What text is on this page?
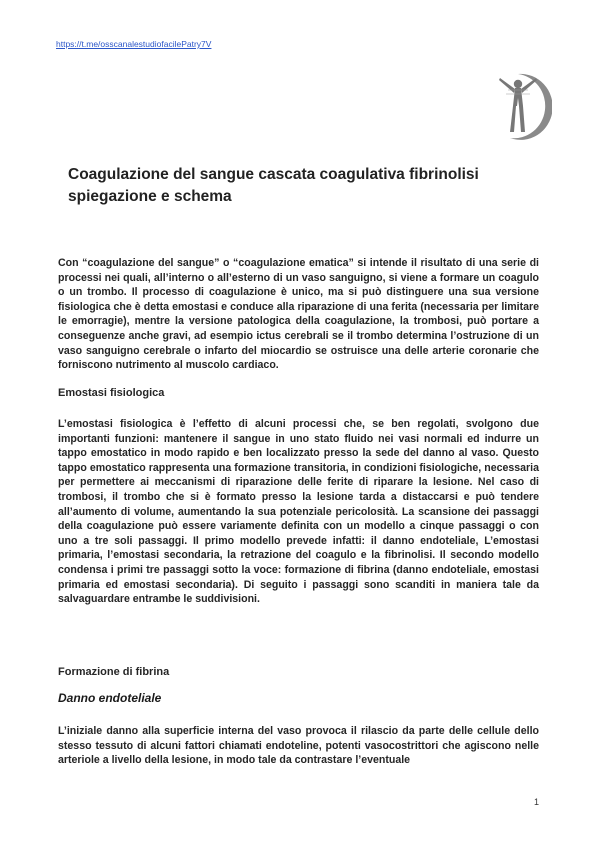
https://t.me/osscanalestudiofacilePatry7V
Coagulazione del sangue cascata coagulativa fibrinolisi spiegazione e schema

Con “coagulazione del sangue” o “coagulazione ematica” si intende il risultato di una serie di processi nei quali, all’interno o all’esterno di un vaso sanguigno, si viene a formare un coagulo o un trombo. Il processo di coagulazione è unico, ma si può distinguere una sua versione fisiologica che è detta emostasi e conduce alla riparazione di una ferita (necessaria per limitare le emorragie), mentre la versione patologica della coagulazione, la trombosi, può portare a conseguenze anche gravi, ad esempio ictus cerebrali se il trombo determina l’ostruzione di un vaso sanguigno cerebrale o infarto del miocardio se ostruisce una delle arterie coronarie che forniscono nutrimento al muscolo cardiaco.

Emostasi fisiologica

L’emostasi fisiologica è l’effetto di alcuni processi che, se ben regolati, svolgono due importanti funzioni: mantenere il sangue in uno stato fluido nei vasi normali ed indurre un tappo emostatico in modo rapido e ben localizzato presso la sede del danno al vaso. Questo tappo emostatico rappresenta una formazione transitoria, in condizioni fisiologiche, necessaria per permettere ai meccanismi di riparazione delle ferite di riparare la lesione. Nel caso di trombosi, il trombo che si è formato presso la lesione tarda a distaccarsi e può tendere all’aumento di volume, aumentando la sua potenziale pericolosità. La scansione dei passaggi della coagulazione può essere variamente definita con un modello a cinque passaggi o con uno a tre soli passaggi. Il primo modello prevede infatti: il danno endoteliale, L’emostasi primaria, l’emostasi secondaria, la retrazione del coagulo e la fibrinolisi. Il secondo modello condensa i primi tre passaggi sotto la voce: formazione di fibrina (danno endoteliale, emostasi primaria ed emostasi secondaria). Di seguito i passaggi sono scanditi in maniera tale da salvaguardare entrambe le suddivisioni.

Formazione di fibrina
Danno endoteliale

L’iniziale danno alla superficie interna del vaso provoca il rilascio da parte delle cellule dello stesso tessuto di alcuni fattori chiamati endoteline, potenti vasocostrittori che agiscono nelle arteriole a livello della lesione, in modo tale da contrastare l’eventuale

1
